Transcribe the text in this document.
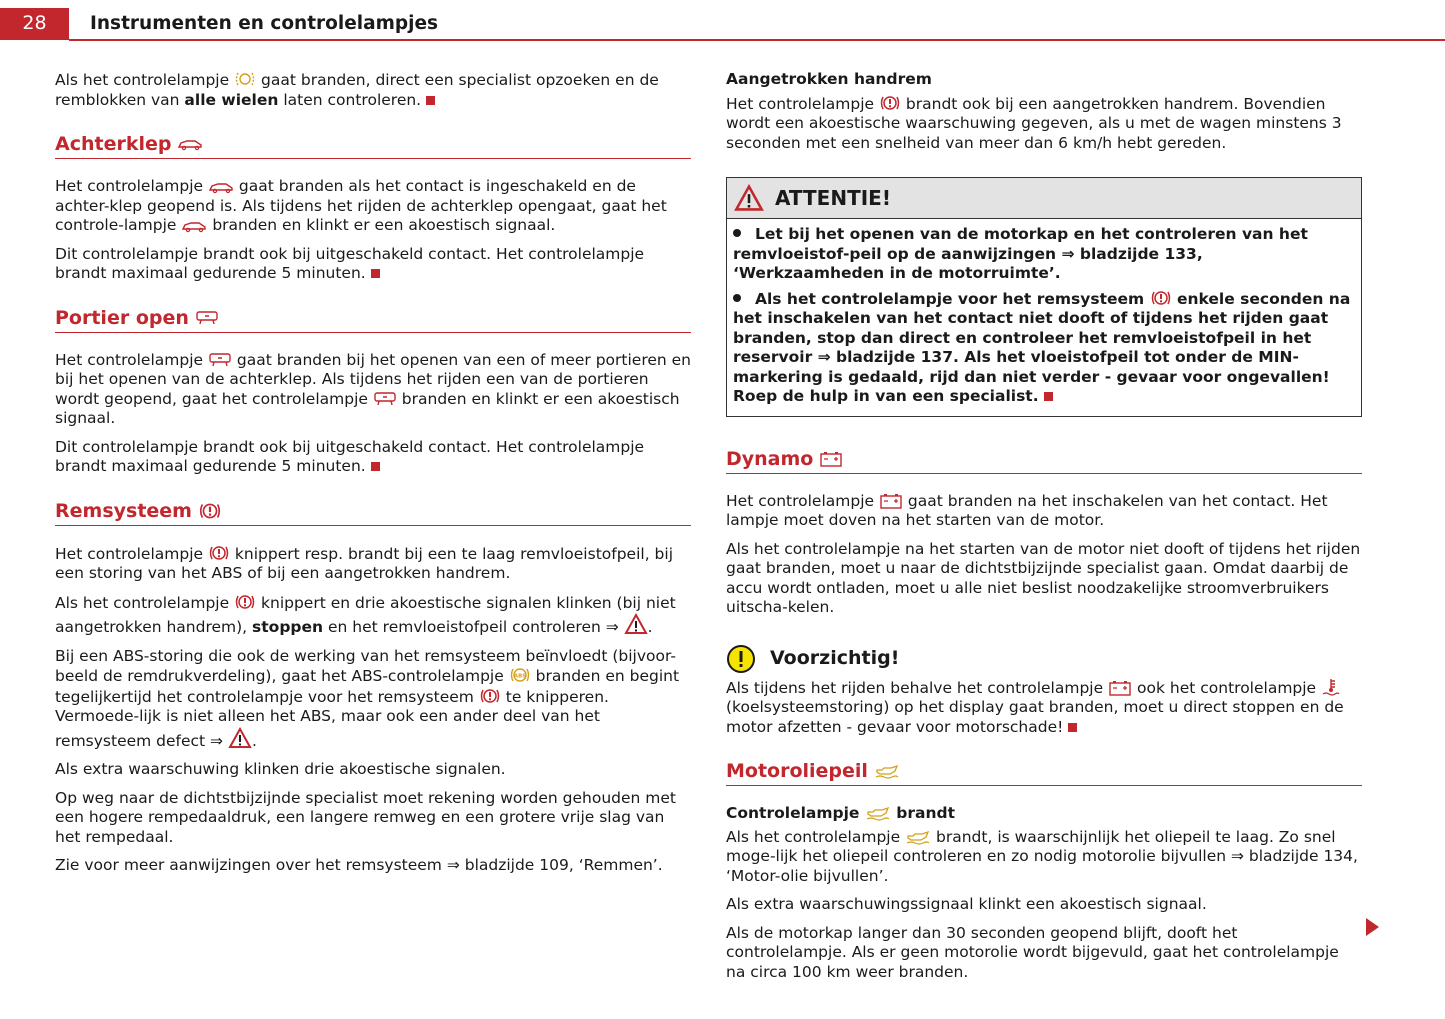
28	Instrumenten en controlelampjes

Als het controlelampje gaat branden, direct een specialist opzoeken en de remblokken van alle wielen laten controleren.

Achterklep

Het controlelampje gaat branden als het contact is ingeschakeld en de achter-klep geopend is. Als tijdens het rijden de achterklep opengaat, gaat het controle-lampje branden en klinkt er een akoestisch signaal.

Dit controlelampje brandt ook bij uitgeschakeld contact. Het controlelampje brandt maximaal gedurende 5 minuten.

Portier open

Het controlelampje gaat branden bij het openen van een of meer portieren en bij het openen van de achterklep. Als tijdens het rijden een van de portieren wordt geopend, gaat het controlelampje branden en klinkt er een akoestisch signaal.

Dit controlelampje brandt ook bij uitgeschakeld contact. Het controlelampje brandt maximaal gedurende 5 minuten.

Remsysteem

Het controlelampje knippert resp. brandt bij een te laag remvloeistofpeil, bij een storing van het ABS of bij een aangetrokken handrem.

Als het controlelampje knippert en drie akoestische signalen klinken (bij niet aangetrokken handrem), stoppen en het remvloeistofpeil controleren ⇒ .

Bij een ABS-storing die ook de werking van het remsysteem beïnvloedt (bijvoor-beeld de remdrukverdeling), gaat het ABS-controlelampje branden en begint tegelijkertijd het controlelampje voor het remsysteem te knipperen. Vermoede-lijk is niet alleen het ABS, maar ook een ander deel van het remsysteem defect ⇒ .

Als extra waarschuwing klinken drie akoestische signalen.

Op weg naar de dichtstbijzijnde specialist moet rekening worden gehouden met een hogere rempedaaldruk, een langere remweg en een grotere vrije slag van het rempedaal.

Zie voor meer aanwijzingen over het remsysteem ⇒ bladzijde 109, ‘Remmen’.

Aangetrokken handrem

Het controlelampje brandt ook bij een aangetrokken handrem. Bovendien wordt een akoestische waarschuwing gegeven, als u met de wagen minstens 3 seconden met een snelheid van meer dan 6 km/h hebt gereden.

ATTENTIE!

Let bij het openen van de motorkap en het controleren van het remvloeistof-peil op de aanwijzingen ⇒ bladzijde 133, ‘Werkzaamheden in de motorruimte’.

Als het controlelampje voor het remsysteem enkele seconden na het inschakelen van het contact niet dooft of tijdens het rijden gaat branden, stop dan direct en controleer het remvloeistofpeil in het reservoir ⇒ bladzijde 137. Als het vloeistofpeil tot onder de MIN-markering is gedaald, rijd dan niet verder - gevaar voor ongevallen! Roep de hulp in van een specialist.

Dynamo

Het controlelampje gaat branden na het inschakelen van het contact. Het lampje moet doven na het starten van de motor.

Als het controlelampje na het starten van de motor niet dooft of tijdens het rijden gaat branden, moet u naar de dichtstbijzijnde specialist gaan. Omdat daarbij de accu wordt ontladen, moet u alle niet beslist noodzakelijke stroomverbruikers uitscha-kelen.

Voorzichtig!

Als tijdens het rijden behalve het controlelampje ook het controlelampje  (koelsysteemstoring) op het display gaat branden, moet u direct stoppen en de motor afzetten - gevaar voor motorschade!

Motoroliepeil
Controlelampje brandt

Als het controlelampje brandt, is waarschijnlijk het oliepeil te laag. Zo snel moge-lijk het oliepeil controleren en zo nodig motorolie bijvullen ⇒ bladzijde 134, ‘Motor-olie bijvullen’.

Als extra waarschuwingssignaal klinkt een akoestisch signaal.

Als de motorkap langer dan 30 seconden geopend blijft, dooft het controlelampje. Als er geen motorolie wordt bijgevuld, gaat het controlelampje na circa 100 km weer branden.
